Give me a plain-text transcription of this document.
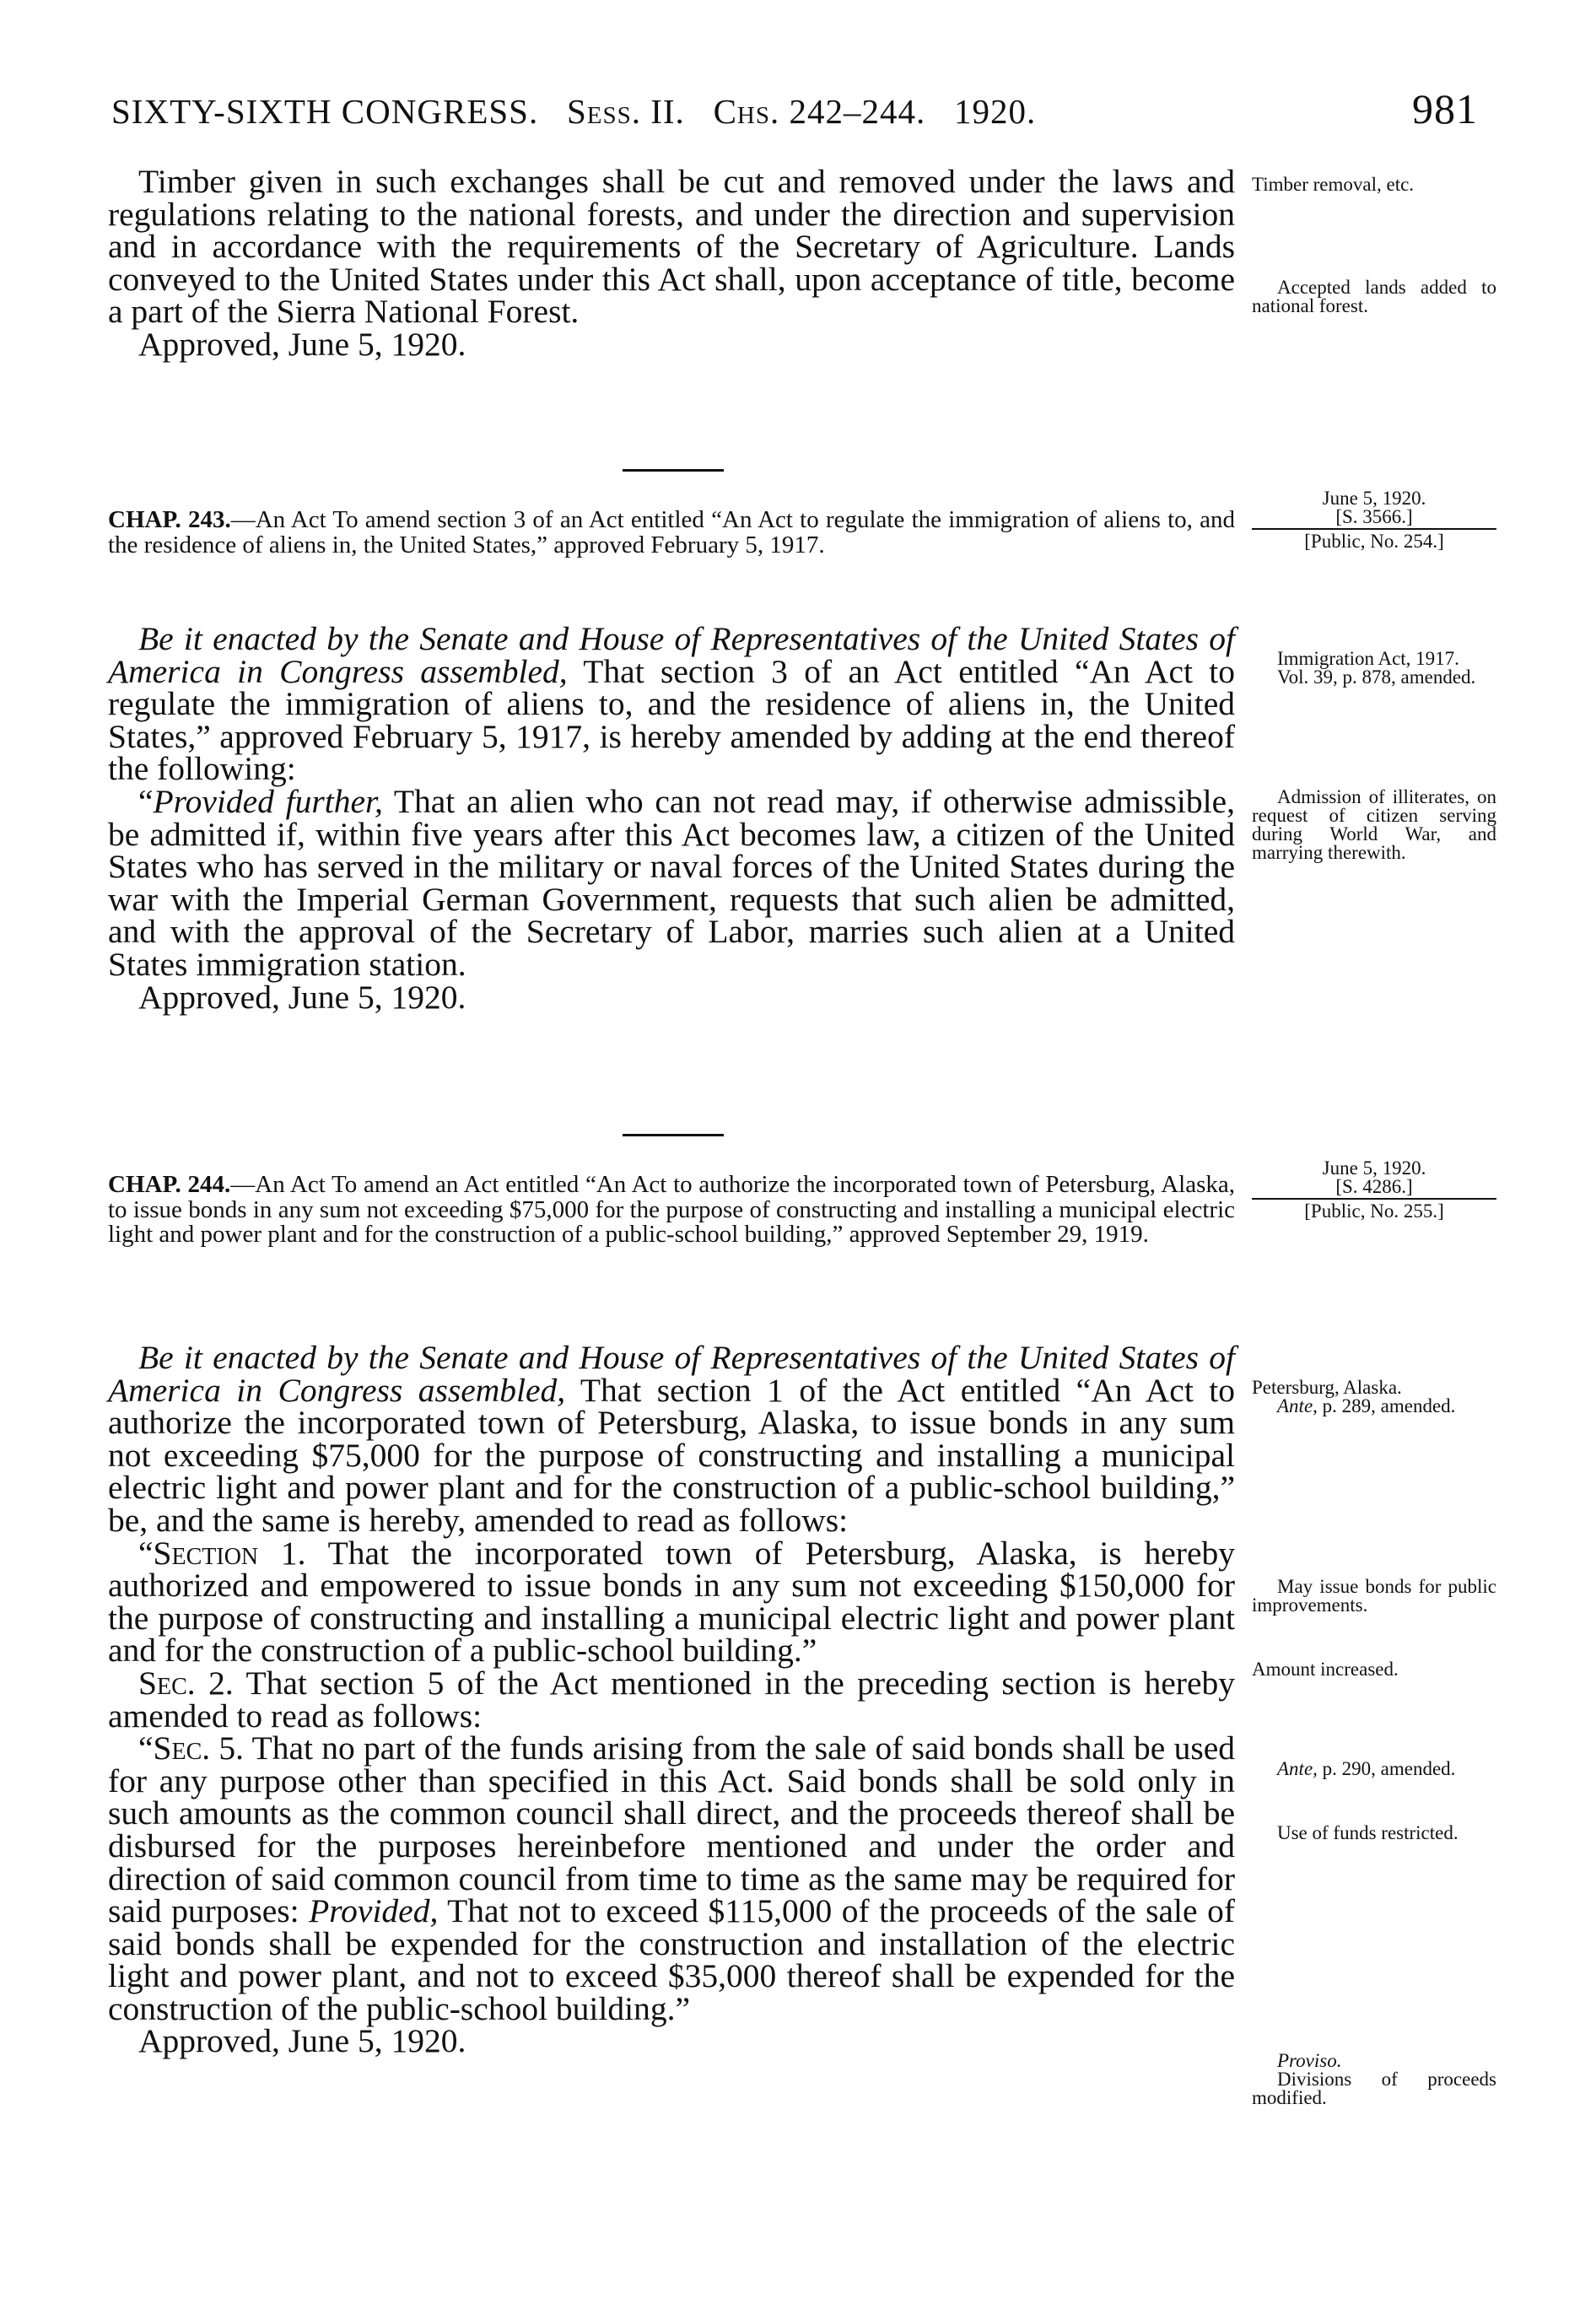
SIXTY-SIXTH CONGRESS. Sess. II. Chs. 242–244. 1920.	981

Timber given in such exchanges shall be cut and removed under the laws and regulations relating to the national forests, and under the direction and supervision and in accordance with the requirements of the Secretary of Agriculture. Lands conveyed to the United States under this Act shall, upon acceptance of title, become a part of the Sierra National Forest.

Approved, June 5, 1920.

Timber removal, etc.

Accepted lands added to national forest.

CHAP. 243.—An Act To amend section 3 of an Act entitled “An Act to regulate the immigration of aliens to, and the residence of aliens in, the United States,” approved February 5, 1917.

June 5, 1920.

[S. 3566.]
[Public, No. 254.]

Be it enacted by the Senate and House of Representatives of the United States of America in Congress assembled, That section 3 of an Act entitled “An Act to regulate the immigration of aliens to, and the residence of aliens in, the United States,” approved February 5, 1917, is hereby amended by adding at the end thereof the following:

“Provided further, That an alien who can not read may, if otherwise admissible, be admitted if, within five years after this Act becomes law, a citizen of the United States who has served in the military or naval forces of the United States during the war with the Imperial German Government, requests that such alien be admitted, and with the approval of the Secretary of Labor, marries such alien at a United States immigration station.

Approved, June 5, 1920.

Immigration Act, 1917.

Vol. 39, p. 878, amended.

Admission of illiterates, on request of citizen serving during World War, and marrying therewith.

CHAP. 244.—An Act To amend an Act entitled “An Act to authorize the incorporated town of Petersburg, Alaska, to issue bonds in any sum not exceeding $75,000 for the purpose of constructing and installing a municipal electric light and power plant and for the construction of a public-school building,” approved September 29, 1919.

June 5, 1920.

[S. 4286.]
[Public, No. 255.]

Be it enacted by the Senate and House of Representatives of the United States of America in Congress assembled, That section 1 of the Act entitled “An Act to authorize the incorporated town of Petersburg, Alaska, to issue bonds in any sum not exceeding $75,000 for the purpose of constructing and installing a municipal electric light and power plant and for the construction of a public-school building,” be, and the same is hereby, amended to read as follows:

“Section 1. That the incorporated town of Petersburg, Alaska, is hereby authorized and empowered to issue bonds in any sum not exceeding $150,000 for the purpose of constructing and installing a municipal electric light and power plant and for the construction of a public-school building.”

Sec. 2. That section 5 of the Act mentioned in the preceding section is hereby amended to read as follows:

“Sec. 5. That no part of the funds arising from the sale of said bonds shall be used for any purpose other than specified in this Act. Said bonds shall be sold only in such amounts as the common council shall direct, and the proceeds thereof shall be disbursed for the purposes hereinbefore mentioned and under the order and direction of said common council from time to time as the same may be required for said purposes: Provided, That not to exceed $115,000 of the proceeds of the sale of said bonds shall be expended for the construction and installation of the electric light and power plant, and not to exceed $35,000 thereof shall be expended for the construction of the public-school building.”

Approved, June 5, 1920.

Petersburg, Alaska.

Ante, p. 289, amended.

May issue bonds for public improvements.

Amount increased.

Ante, p. 290, amended.

Use of funds restricted.

Proviso.

Divisions of proceeds modified.
